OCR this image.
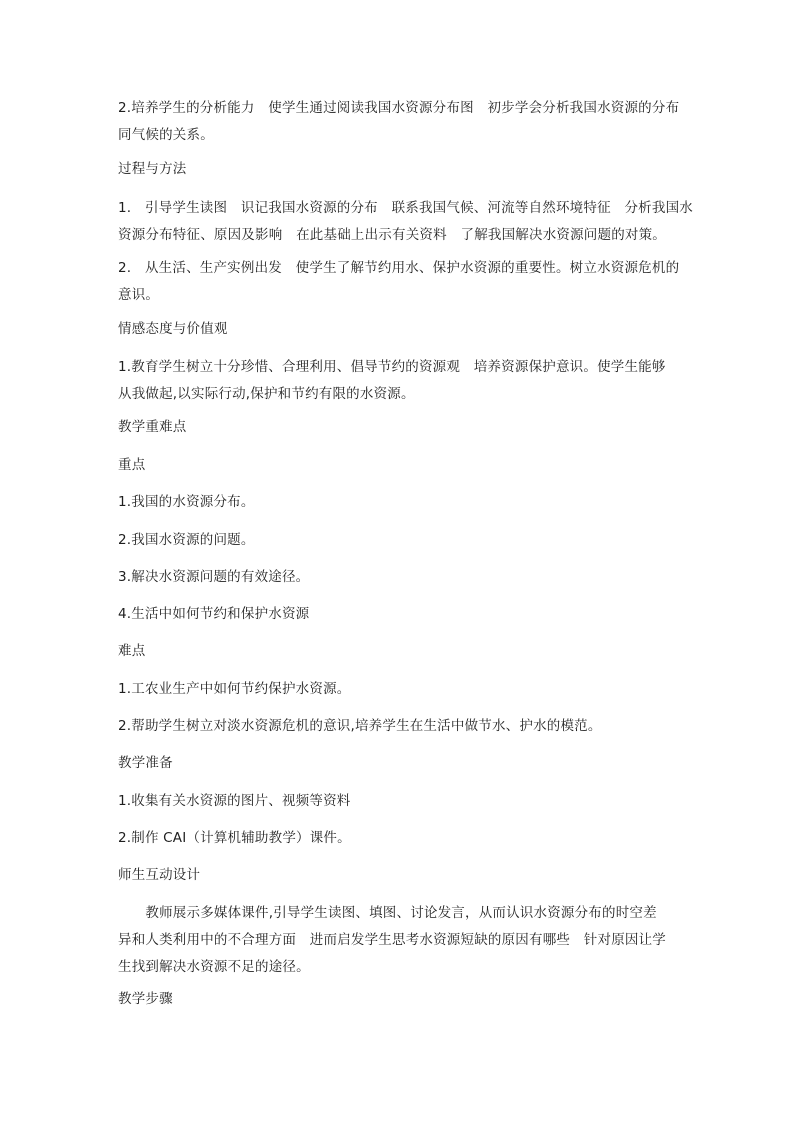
2.培养学生的分析能力　使学生通过阅读我国水资源分布图　初步学会分析我国水资源的分布
同气候的关系。

过程与方法

1.　引导学生读图　识记我国水资源的分布　联系我国气候、河流等自然环境特征　分析我国水
资源分布特征、原因及影响　在此基础上出示有关资料　了解我国解决水资源问题的对策。

2.　从生活、生产实例出发　使学生了解节约用水、保护水资源的重要性。树立水资源危机的
意识。

情感态度与价值观

1.教育学生树立十分珍惜、合理利用、倡导节约的资源观　培养资源保护意识。使学生能够
从我做起,以实际行动,保护和节约有限的水资源。

教学重难点

重点

1.我国的水资源分布。

2.我国水资源的问题。

3.解决水资源问题的有效途径。

4.生活中如何节约和保护水资源

难点

1.工农业生产中如何节约保护水资源。

2.帮助学生树立对淡水资源危机的意识,培养学生在生活中做节水、护水的模范。

教学准备

1.收集有关水资源的图片、视频等资料

2.制作 CAI（计算机辅助教学）课件。

师生互动设计

　　教师展示多媒体课件,引导学生读图、填图、讨论发言，从而认识水资源分布的时空差
异和人类利用中的不合理方面　进而启发学生思考水资源短缺的原因有哪些　针对原因让学
生找到解决水资源不足的途径。

教学步骤
